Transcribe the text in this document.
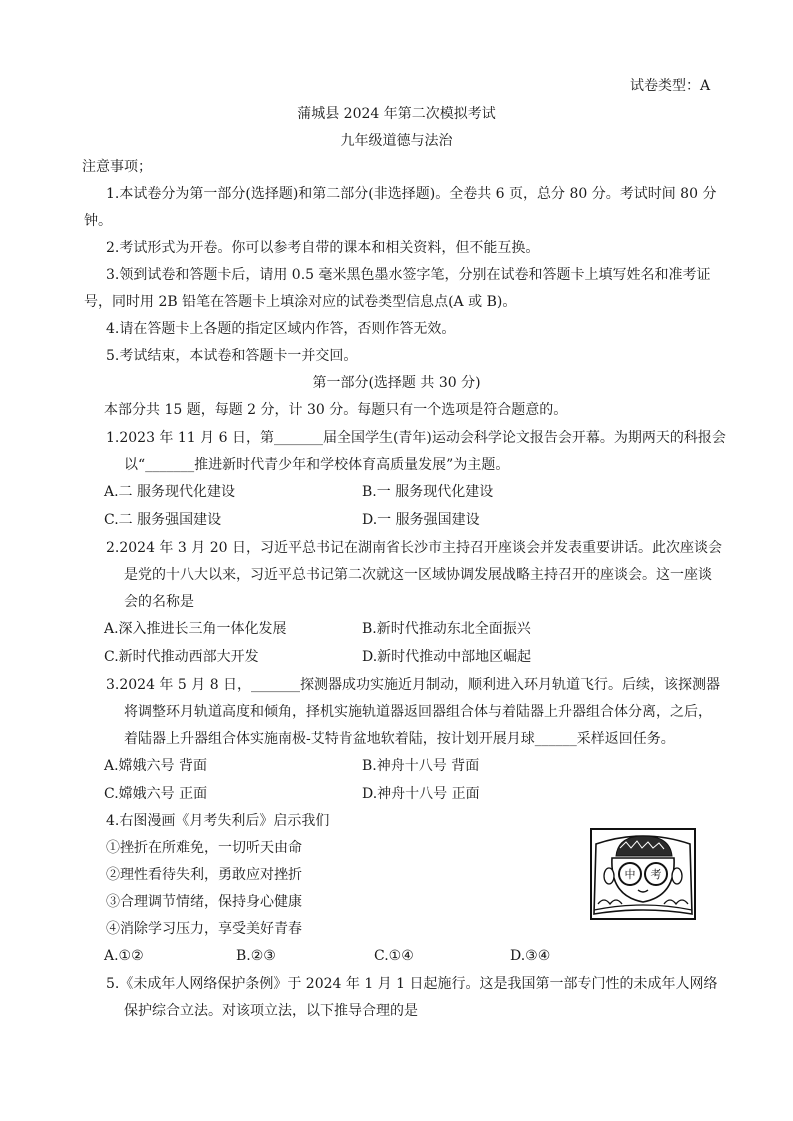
试卷类型：A
蒲城县 2024 年第二次模拟考试
九年级道德与法治
注意事项；
1.本试卷分为第一部分(选择题)和第二部分(非选择题)。全卷共 6 页，总分 80 分。考试时间 80 分
钟。
2.考试形式为开卷。你可以参考自带的课本和相关资料，但不能互换。
3.领到试卷和答题卡后，请用 0.5 毫米黑色墨水签字笔，分别在试卷和答题卡上填写姓名和准考证
号，同时用 2B 铅笔在答题卡上填涂对应的试卷类型信息点(A 或 B)。
4.请在答题卡上各题的指定区域内作答，否则作答无效。
5.考试结束，本试卷和答题卡一并交回。
第一部分(选择题 共 30 分)
本部分共 15 题，每题 2 分，计 30 分。每题只有一个选项是符合题意的。
1.2023 年 11 月 6 日，第_______届全国学生(青年)运动会科学论文报告会开幕。为期两天的科报会
以“_______推进新时代青少年和学校体育高质量发展”为主题。
A.二 服务现代化建设	B.一 服务现代化建设
C.二 服务强国建设	D.一 服务强国建设
2.2024 年 3 月 20 日，习近平总书记在湖南省长沙市主持召开座谈会并发表重要讲话。此次座谈会
是党的十八大以来，习近平总书记第二次就这一区域协调发展战略主持召开的座谈会。这一座谈
会的名称是
A.深入推进长三角一体化发展	B.新时代推动东北全面振兴
C.新时代推动西部大开发	D.新时代推动中部地区崛起
3.2024 年 5 月 8 日，_______探测器成功实施近月制动，顺利进入环月轨道飞行。后续，该探测器
将调整环月轨道高度和倾角，择机实施轨道器返回器组合体与着陆器上升器组合体分离，之后，
着陆器上升器组合体实施南极-艾特肯盆地软着陆，按计划开展月球______采样返回任务。
A.嫦娥六号 背面	B.神舟十八号 背面
C.嫦娥六号 正面	D.神舟十八号 正面
4.右图漫画《月考失利后》启示我们
①挫折在所难免，一切听天由命
②理性看待失利，勇敢应对挫折
③合理调节情绪，保持身心健康
④消除学习压力，享受美好青春
A.①②	B.②③	C.①④	D.③④
中 考
5.《未成年人网络保护条例》于 2024 年 1 月 1 日起施行。这是我国第一部专门性的未成年人网络
保护综合立法。对该项立法，以下推导合理的是
